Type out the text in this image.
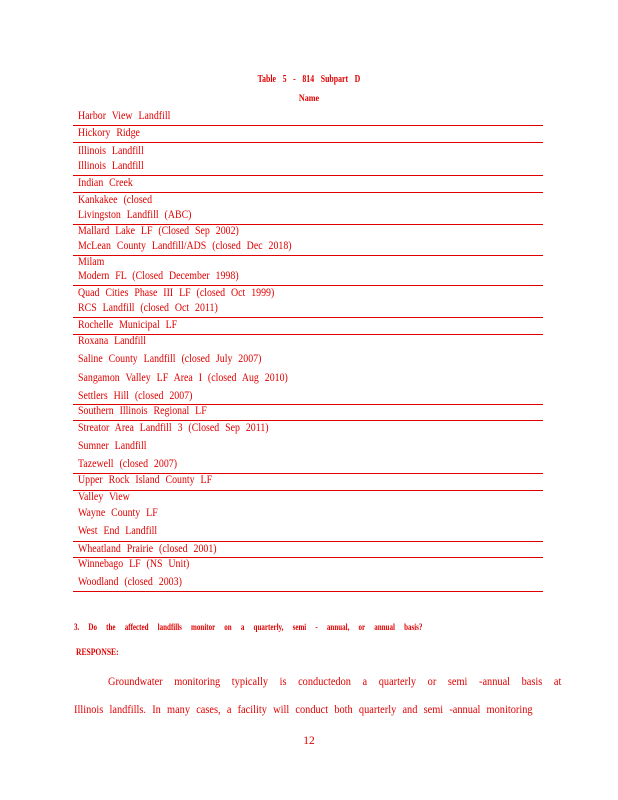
Table 5 - 814 Subpart D
Name
Harbor View Landfill
Hickory Ridge
Illinois Landfill
Illinois Landfill
Indian Creek
Kankakee (closed
Livingston Landfill (ABC)
Mallard Lake LF (Closed Sep 2002)
McLean County Landfill/ADS (closed Dec 2018)
Milam
Modern FL (Closed December 1998)
Quad Cities Phase III LF (closed Oct 1999)
RCS Landfill (closed Oct 2011)
Rochelle Municipal LF
Roxana Landfill
Saline County Landfill (closed July 2007)
Sangamon Valley LF Area I (closed Aug 2010)
Settlers Hill (closed 2007)
Southern Illinois Regional LF
Streator Area Landfill 3 (Closed Sep 2011)
Sumner Landfill
Tazewell (closed 2007)
Upper Rock Island County LF
Valley View
Wayne County LF
West End Landfill
Wheatland Prairie (closed 2001)
Winnebago LF (NS Unit)
Woodland (closed 2003)
3. Do the affected landfills monitor on a quarterly, semi - annual, or annual basis?
RESPONSE:
Groundwater monitoring typically is conductedon a quarterly or semi -annual basis at
Illinois landfills. In many cases, a facility will conduct both quarterly and semi -annual monitoring
12
